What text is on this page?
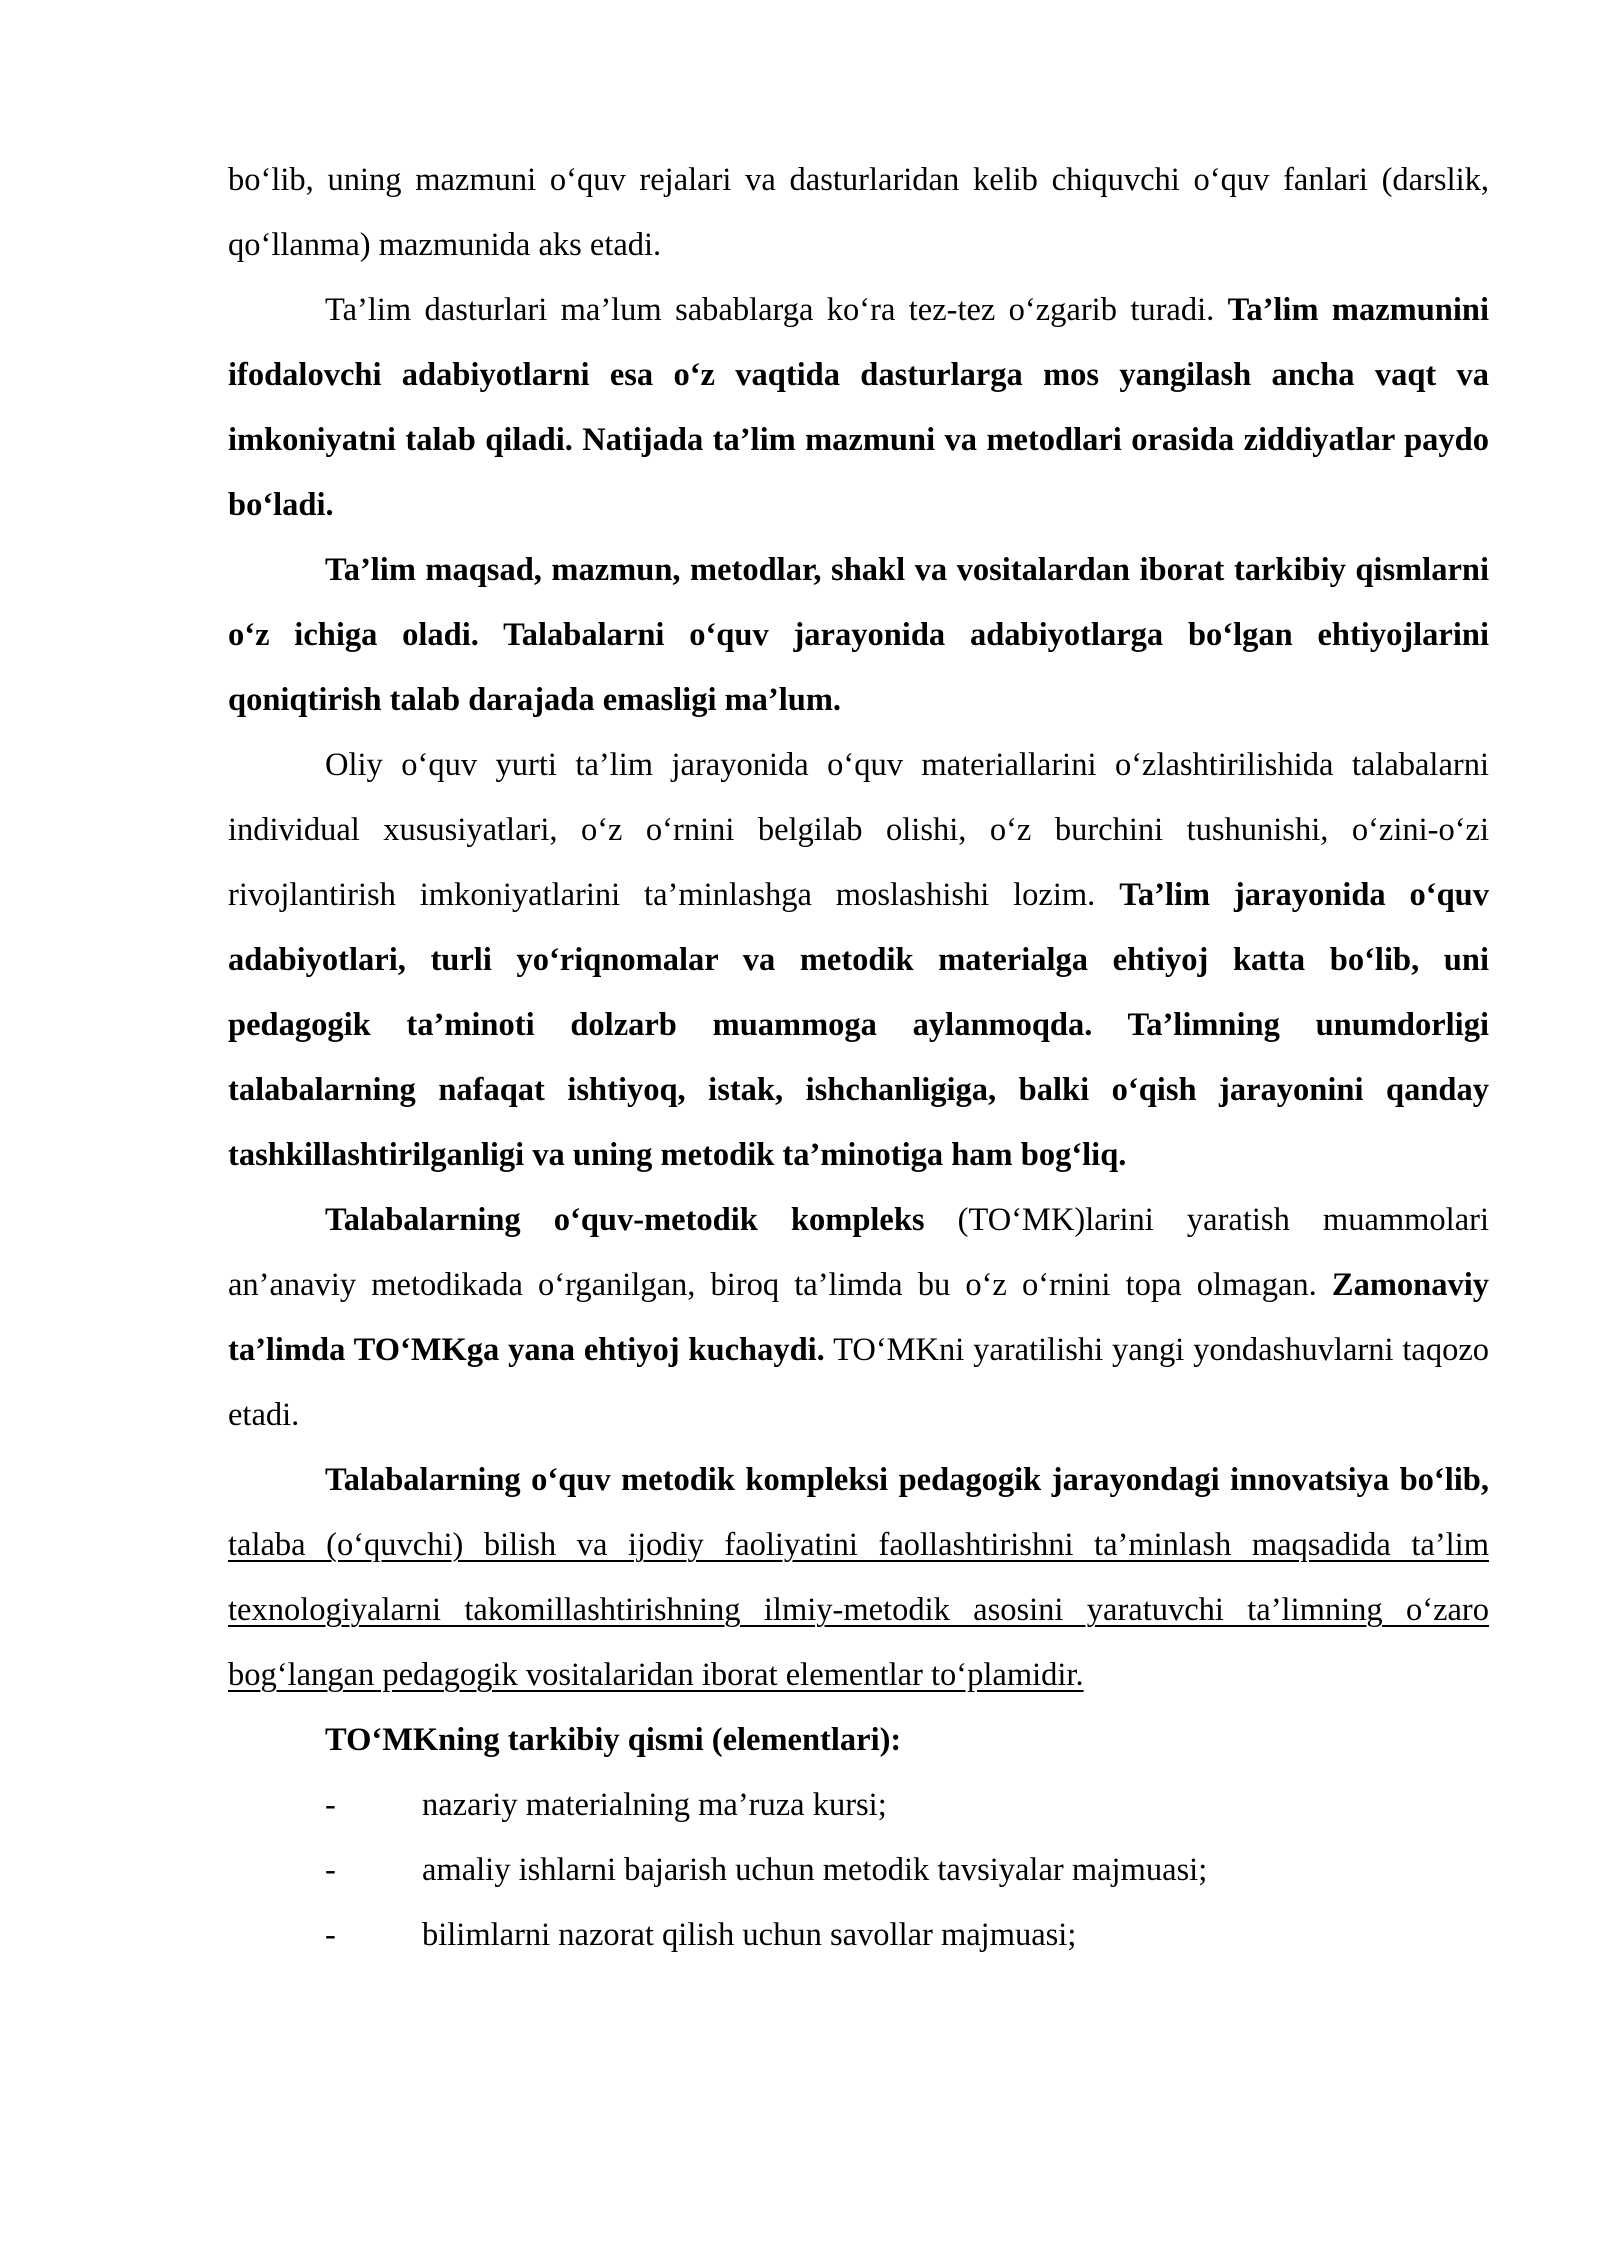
bo‘lib, uning mazmuni o‘quv rejalari va dasturlaridan kelib chiquvchi o‘quv fanlari (darslik, qo‘llanma) mazmunida aks etadi.

Ta’lim dasturlari ma’lum sabablarga ko‘ra tez-tez o‘zgarib turadi. Ta’lim mazmunini ifodalovchi adabiyotlarni esa o‘z vaqtida dasturlarga mos yangilash ancha vaqt va imkoniyatni talab qiladi. Natijada ta’lim mazmuni va metodlari orasida ziddiyatlar paydo bo‘ladi.

Ta’lim maqsad, mazmun, metodlar, shakl va vositalardan iborat tarkibiy qismlarni o‘z ichiga oladi. Talabalarni o‘quv jarayonida adabiyotlarga bo‘lgan ehtiyojlarini qoniqtirish talab darajada emasligi ma’lum.

Oliy o‘quv yurti ta’lim jarayonida o‘quv materiallarini o‘zlashtirilishida talabalarni individual xususiyatlari, o‘z o‘rnini belgilab olishi, o‘z burchini tushunishi, o‘zini-o‘zi rivojlantirish imkoniyatlarini ta’minlashga moslashishi lozim. Ta’lim jarayonida o‘quv adabiyotlari, turli yo‘riqnomalar va metodik materialga ehtiyoj katta bo‘lib, uni pedagogik ta’minoti dolzarb muammoga aylanmoqda. Ta’limning unumdorligi talabalarning nafaqat ishtiyoq, istak, ishchanligiga, balki o‘qish jarayonini qanday tashkillashtirilganligi va uning metodik ta’minotiga ham bog‘liq.

Talabalarning o‘quv-metodik kompleks (TO‘MK)larini yaratish muammolari an’anaviy metodikada o‘rganilgan, biroq ta’limda bu o‘z o‘rnini topa olmagan. Zamonaviy ta’limda TO‘MKga yana ehtiyoj kuchaydi. TO‘MKni yaratilishi yangi yondashuvlarni taqozo etadi.

Talabalarning o‘quv metodik kompleksi pedagogik jarayondagi innovatsiya bo‘lib, talaba (o‘quvchi) bilish va ijodiy faoliyatini faollashtirishni ta’minlash maqsadida ta’lim texnologiyalarni takomillashtirishning ilmiy-metodik asosini yaratuvchi ta’limning o‘zaro bog‘langan pedagogik vositalaridan iborat elementlar to‘plamidir.

TO‘MKning tarkibiy qismi (elementlari):

-	nazariy materialning ma’ruza kursi;
-	amaliy ishlarni bajarish uchun metodik tavsiyalar majmuasi;
-	bilimlarni nazorat qilish uchun savollar majmuasi;
